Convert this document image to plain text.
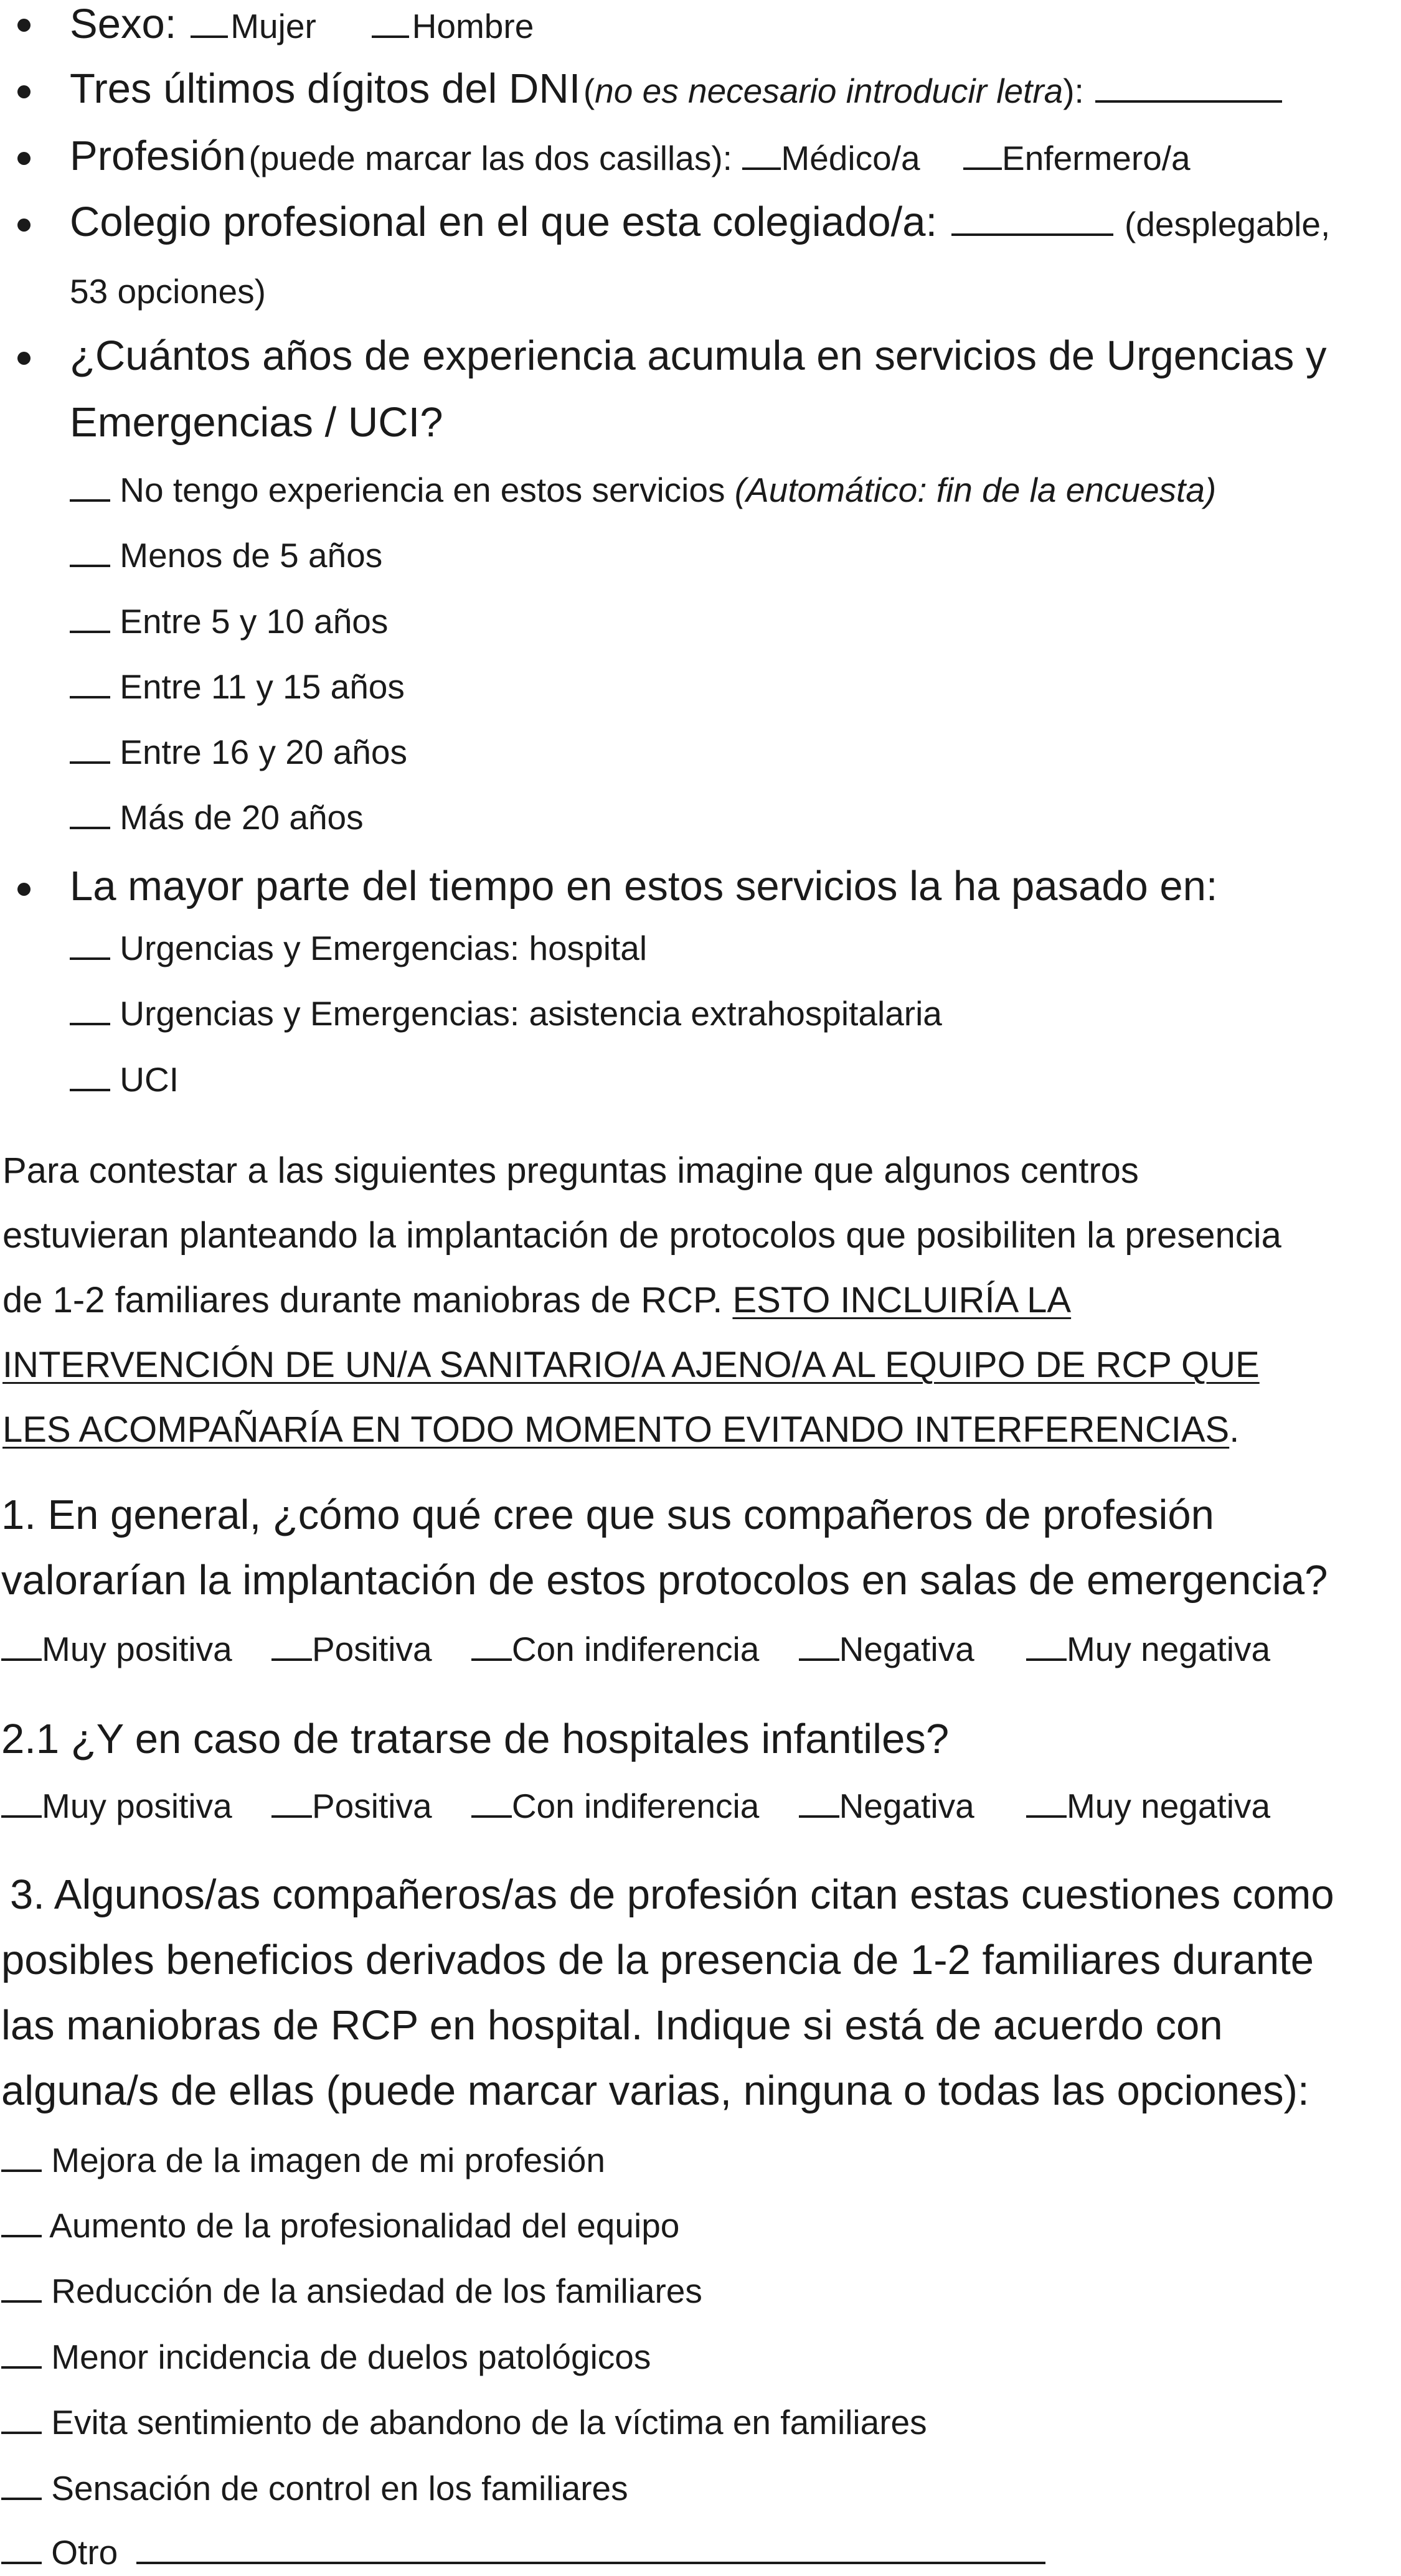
Sexo: Mujer	Hombre
Tres últimos dígitos del DNI (no es necesario introducir letra):
Profesión (puede marcar las dos casillas): Médico/a Enfermero/a
Colegio profesional en el que esta colegiado/a:	(desplegable,
53 opciones)
¿Cuántos años de experiencia acumula en servicios de Urgencias y
Emergencias / UCI?
No tengo experiencia en estos servicios (Automático: fin de la encuesta)
Menos de 5 años
Entre 5 y 10 años
Entre 11 y 15 años
Entre 16 y 20 años
Más de 20 años
La mayor parte del tiempo en estos servicios la ha pasado en:
Urgencias y Emergencias: hospital
Urgencias y Emergencias: asistencia extrahospitalaria
UCI
Para contestar a las siguientes preguntas imagine que algunos centros
estuvieran planteando la implantación de protocolos que posibiliten la presencia
de 1-2 familiares durante maniobras de RCP. ESTO INCLUIRÍA LA
INTERVENCIÓN DE UN/A SANITARIO/A AJENO/A AL EQUIPO DE RCP QUE
LES ACOMPAÑARÍA EN TODO MOMENTO EVITANDO INTERFERENCIAS.
1. En general, ¿cómo qué cree que sus compañeros de profesión
valorarían la implantación de estos protocolos en salas de emergencia?
Muy positiva Positiva Con indiferencia Negativa	Muy negativa
2.1 ¿Y en caso de tratarse de hospitales infantiles?
Muy positiva Positiva Con indiferencia Negativa	Muy negativa
3. Algunos/as compañeros/as de profesión citan estas cuestiones como
posibles beneficios derivados de la presencia de 1-2 familiares durante
las maniobras de RCP en hospital. Indique si está de acuerdo con
alguna/s de ellas (puede marcar varias, ninguna o todas las opciones):
Mejora de la imagen de mi profesión
Aumento de la profesionalidad del equipo
Reducción de la ansiedad de los familiares
Menor incidencia de duelos patológicos
Evita sentimiento de abandono de la víctima en familiares
Sensación de control en los familiares
Otro
